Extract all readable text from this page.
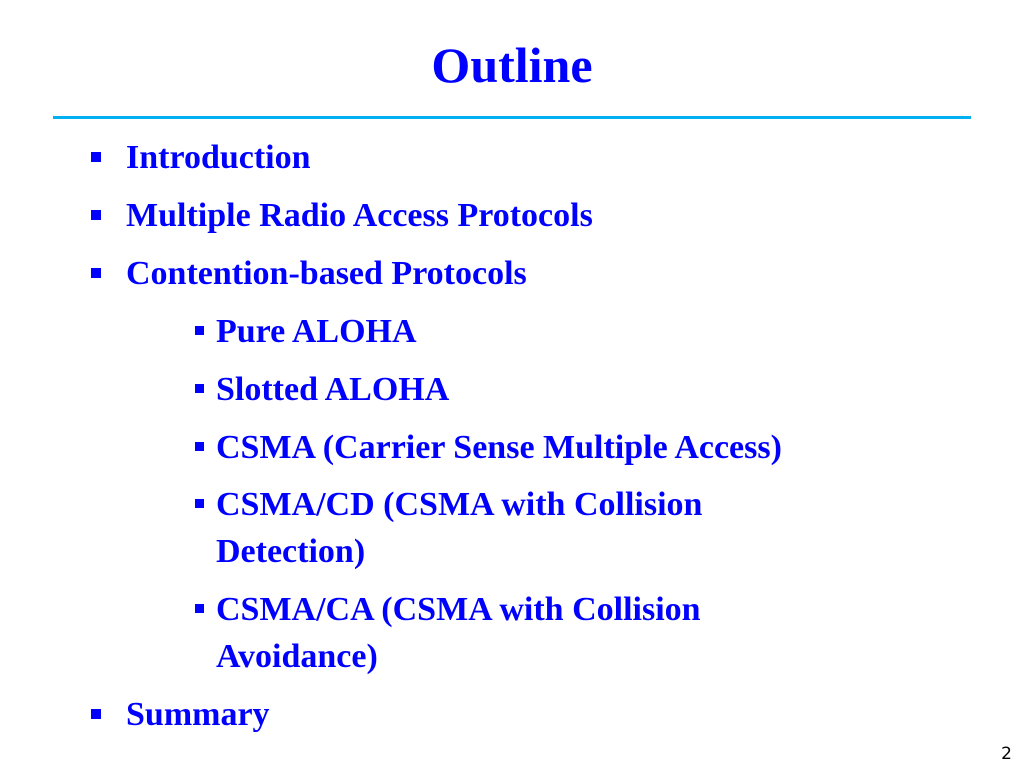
Outline
Introduction
Multiple Radio Access Protocols
Contention-based Protocols
Pure ALOHA
Slotted ALOHA
CSMA (Carrier Sense Multiple Access)
CSMA/CD (CSMA with Collision Detection)
CSMA/CA (CSMA with Collision Avoidance)
Summary
2
